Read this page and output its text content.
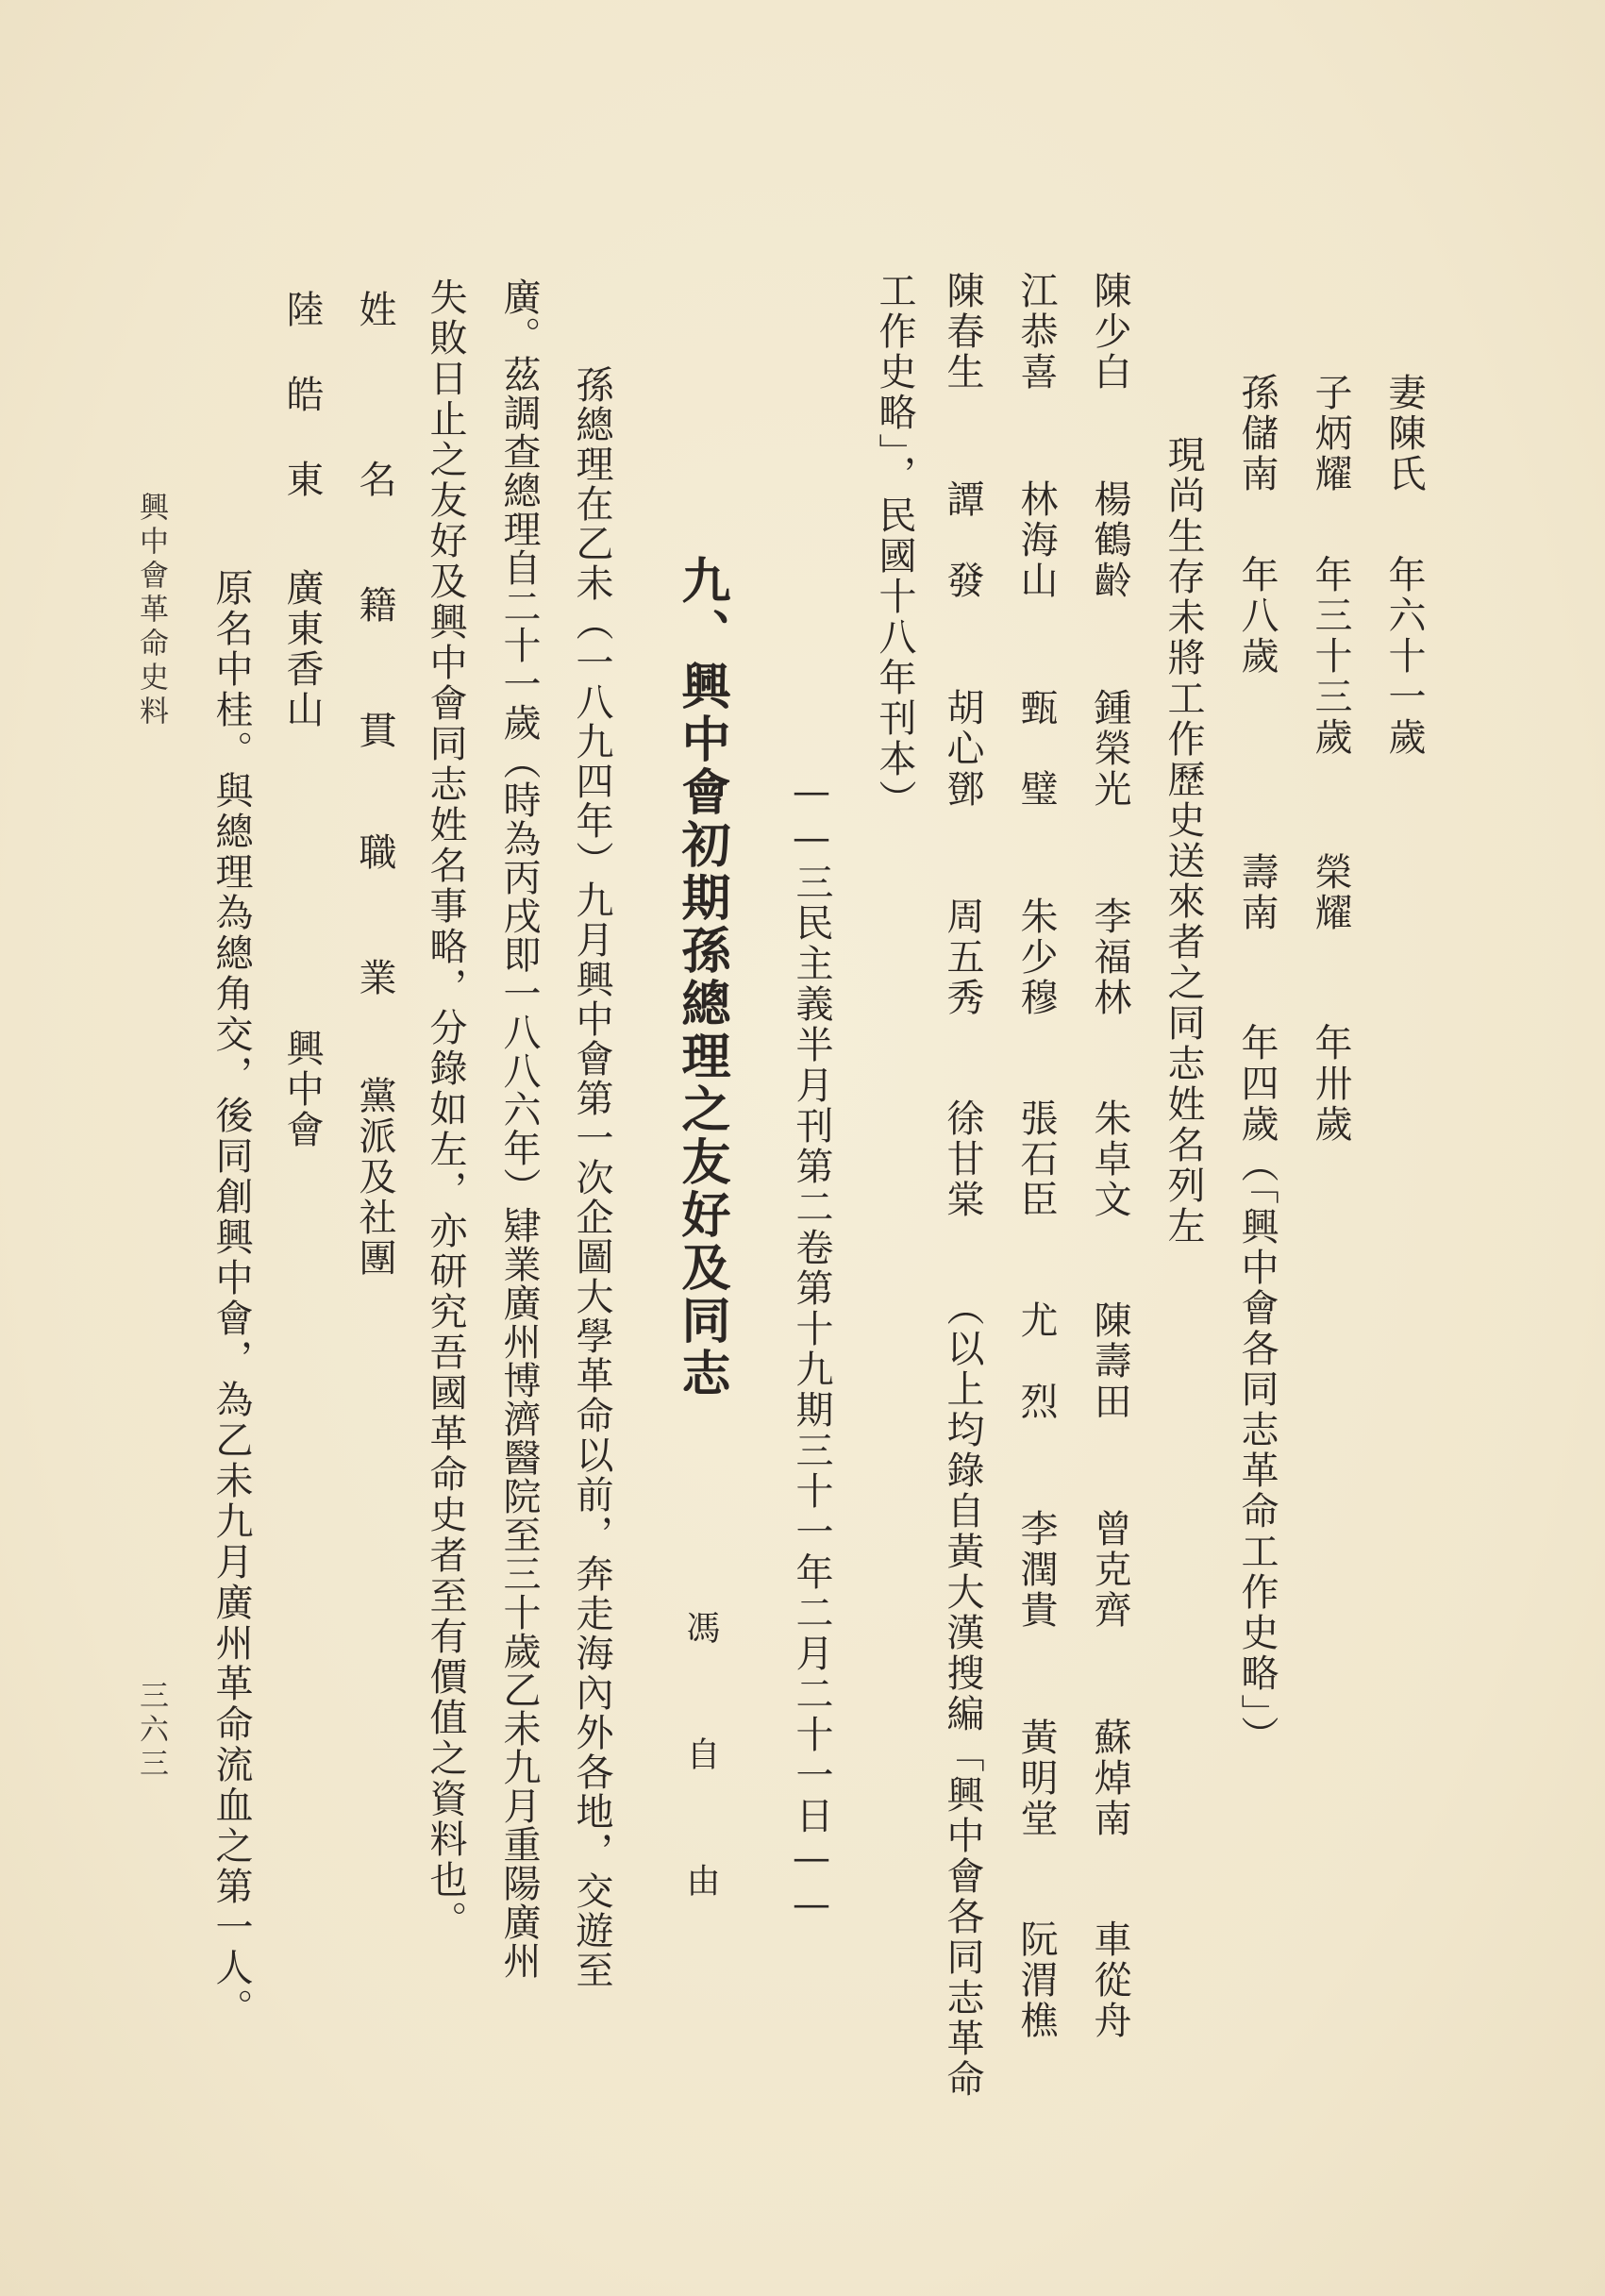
妻陳氏
年六十一歲
子炳耀
年三十三歲
榮耀
年卅歲
孫儲南
年八歲
壽南
年四歲（「興中會各同志革命工作史略」）
現尚生存未將工作歷史送來者之同志姓名列左
陳少白
楊鶴齡
鍾榮光
李福林
朱卓文
陳壽田
曾克齊
蘇焯南
車從舟
江恭喜
林海山
甄　璧
朱少穆
張石臣
尤　烈
李潤貴
黃明堂
阮渭樵
陳春生
譚　發
胡心鄧
周五秀
徐甘棠
（以上均錄自黃大漢搜編「興中會各同志革命
工作史略」，民國十八年刊本）
——三民主義半月刊第二卷第十九期三十一年二月二十一日——
九、興中會初期孫總理之友好及同志
馮
自
由
孫總理在乙未（一八九四年）九月興中會第一次企圖大學革命以前，奔走海內外各地，交遊至
廣。茲調查總理自二十一歲（時為丙戌即一八八六年）肄業廣州博濟醫院至三十歲乙未九月重陽廣州
失敗日止之友好及興中會同志姓名事略，分錄如左，亦研究吾國革命史者至有價值之資料也。
姓名
籍貫
職業
黨派及社團
陸皓東
廣東香山
興中會
原名中桂。與總理為總角交，後同創興中會，為乙未九月廣州革命流血之第一人。
興中會革命史料
三六三
